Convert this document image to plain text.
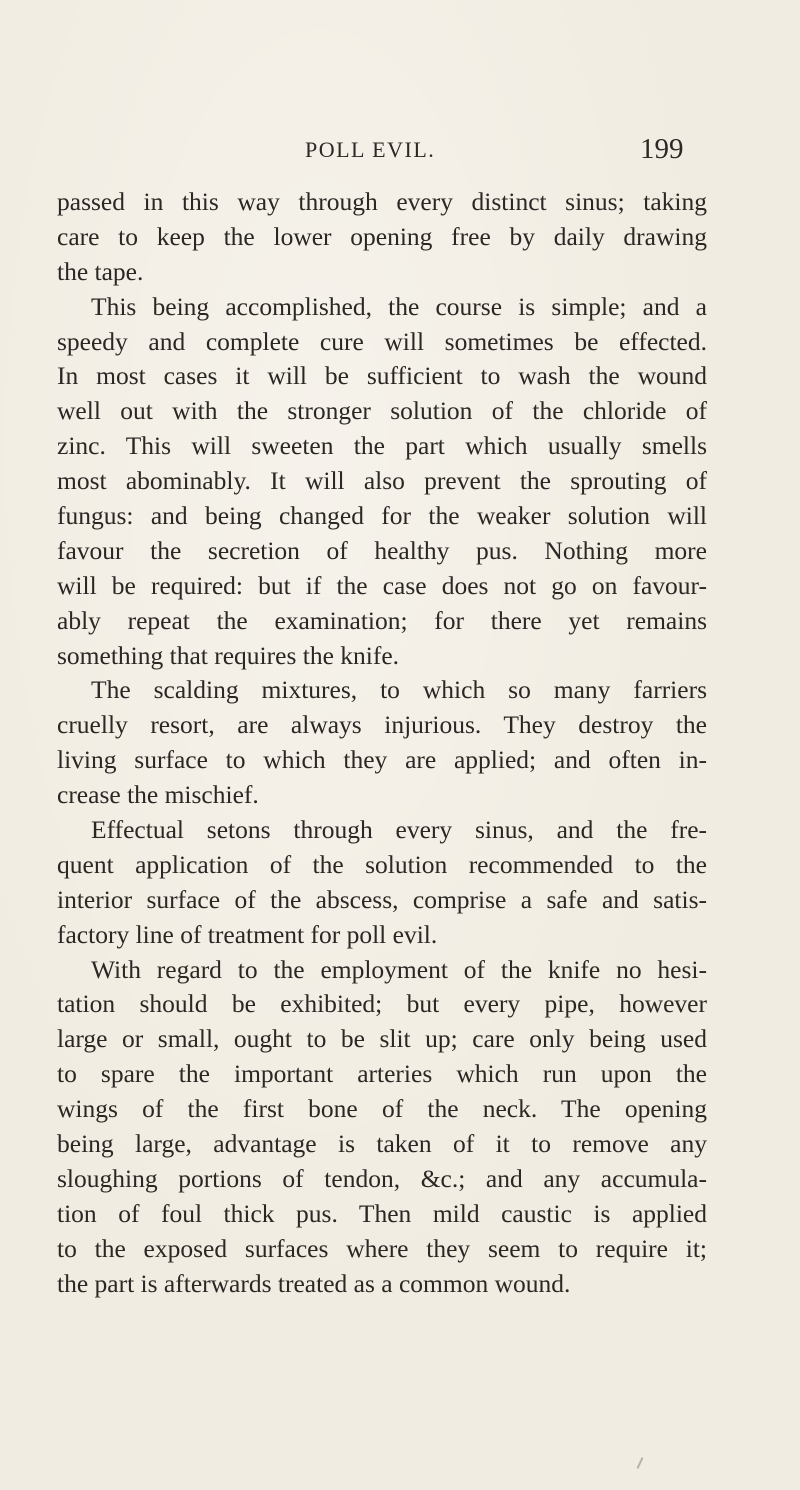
POLL EVIL.	199
passed in this way through every distinct sinus; taking
care to keep the lower opening free by daily drawing
the tape.
This being accomplished, the course is simple; and a
speedy and complete cure will sometimes be effected.
In most cases it will be sufficient to wash the wound
well out with the stronger solution of the chloride of
zinc. This will sweeten the part which usually smells
most abominably. It will also prevent the sprouting of
fungus: and being changed for the weaker solution will
favour the secretion of healthy pus. Nothing more
will be required: but if the case does not go on favour-
ably repeat the examination; for there yet remains
something that requires the knife.
The scalding mixtures, to which so many farriers
cruelly resort, are always injurious. They destroy the
living surface to which they are applied; and often in-
crease the mischief.
Effectual setons through every sinus, and the fre-
quent application of the solution recommended to the
interior surface of the abscess, comprise a safe and satis-
factory line of treatment for poll evil.
With regard to the employment of the knife no hesi-
tation should be exhibited; but every pipe, however
large or small, ought to be slit up; care only being used
to spare the important arteries which run upon the
wings of the first bone of the neck. The opening
being large, advantage is taken of it to remove any
sloughing portions of tendon, &c.; and any accumula-
tion of foul thick pus. Then mild caustic is applied
to the exposed surfaces where they seem to require it;
the part is afterwards treated as a common wound.
